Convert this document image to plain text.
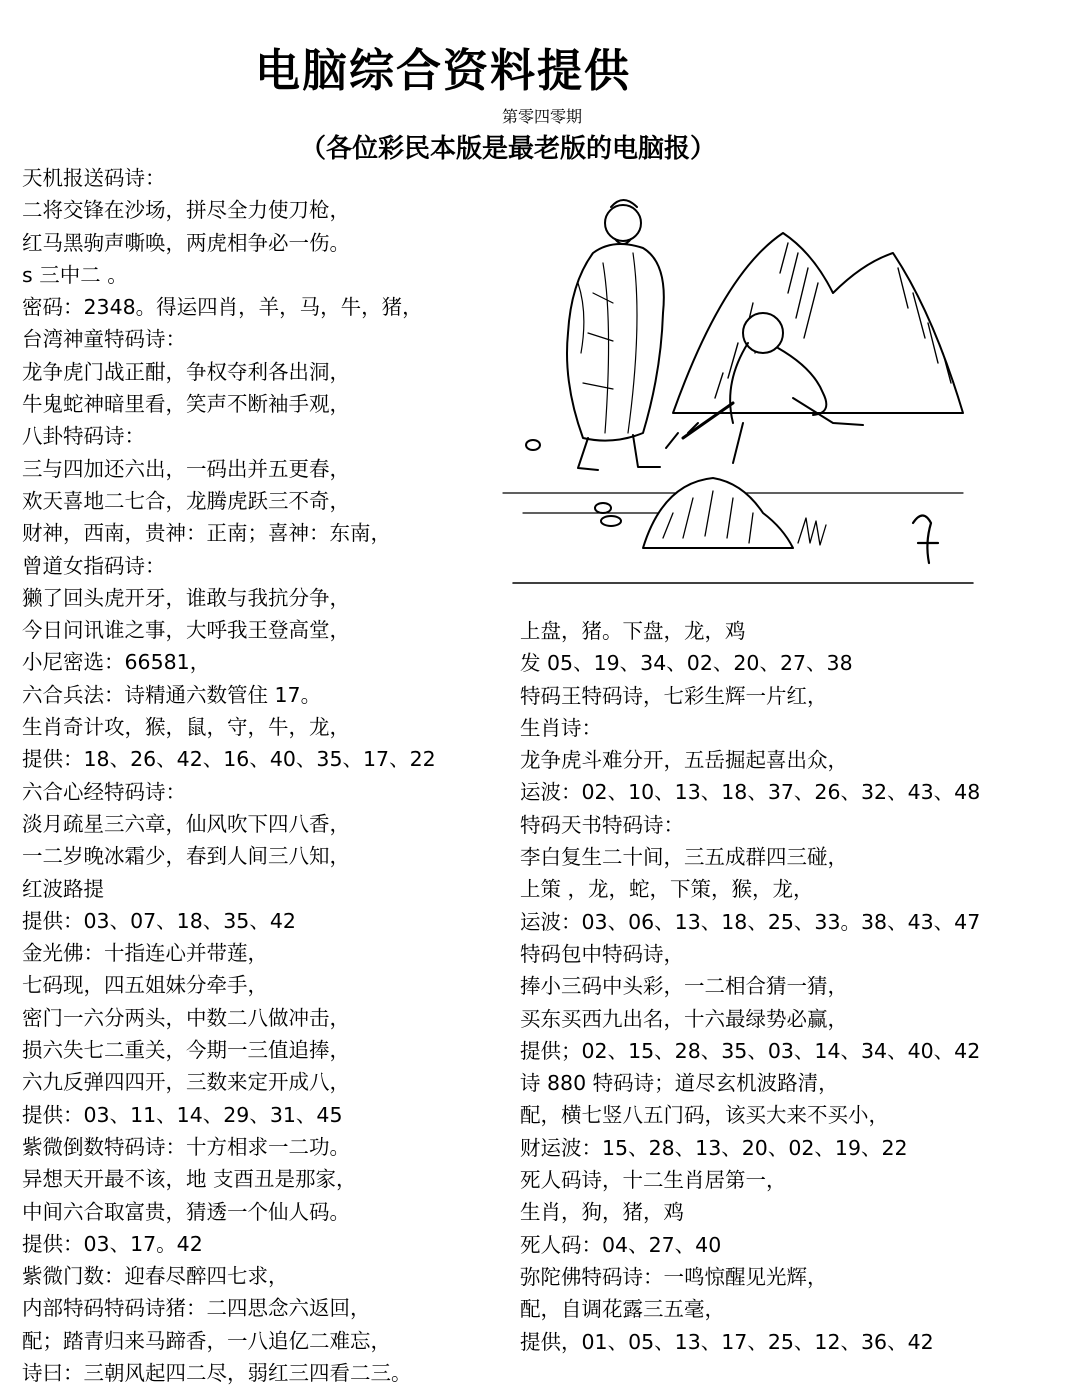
电脑综合资料提供
第零四零期
（各位彩民本版是最老版的电脑报）
天机报送码诗：
二将交锋在沙场，拼尽全力使刀枪，
红马黑驹声嘶唤，两虎相争必一伤。
s 三中二 。
密码：2348。得运四肖，羊，马，牛，猪，
台湾神童特码诗：
龙争虎门战正酣，争权夺利各出洞，
牛鬼蛇神暗里看，笑声不断袖手观，
八卦特码诗：
三与四加还六出，一码出并五更春，
欢天喜地二七合，龙腾虎跃三不奇，
财神，西南，贵神：正南；喜神：东南，
曾道女指码诗：
獭了回头虎开牙，谁敢与我抗分争，
今日问讯谁之事，大呼我王登高堂，
小尼密选：66581，
六合兵法：诗精通六数管住 17。
生肖奇计攻，猴，鼠，守，牛，龙，
提供：18、26、42、16、40、35、17、22
六合心经特码诗：
淡月疏星三六章，仙风吹下四八香，
一二岁晚冰霜少，春到人间三八知，
红波路提
提供：03、07、18、35、42
金光佛：十指连心并带莲，
七码现，四五姐妹分牵手，
密门一六分两头，中数二八做冲击，
损六失七二重关，今期一三值追捧，
六九反弹四四开，三数来定开成八，
提供：03、11、14、29、31、45
紫微倒数特码诗：十方相求一二功。
异想天开最不该，地 支酉丑是那家，
中间六合取富贵，猜透一个仙人码。
提供：03、17。42
紫微门数：迎春尽醉四七求，
内部特码特码诗猪：二四思念六返回，
配；踏青归来马蹄香，一八追亿二难忘，
诗曰：三朝风起四二尽，弱红三四看二三。
上盘，猪。下盘，龙，鸡
发 05、19、34、02、20、27、38
特码王特码诗，七彩生辉一片红，
生肖诗：
龙争虎斗难分开，五岳掘起喜出众，
运波：02、10、13、18、37、26、32、43、48
特码天书特码诗：
李白复生二十间，三五成群四三碰，
上策 ，龙，蛇，下策，猴，龙，
运波：03、06、13、18、25、33。38、43、47
特码包中特码诗，
捧小三码中头彩，一二相合猜一猜，
买东买西九出名，十六最绿势必赢，
提供；02、15、28、35、03、14、34、40、42
诗 880 特码诗；道尽玄机波路清，
配，横七竖八五门码，该买大来不买小，
财运波：15、28、13、20、02、19、22
死人码诗，十二生肖居第一，
生肖，狗，猪，鸡
死人码：04、27、40
弥陀佛特码诗：一鸣惊醒见光辉，
配，自调花露三五毫，
提供，01、05、13、17、25、12、36、42
